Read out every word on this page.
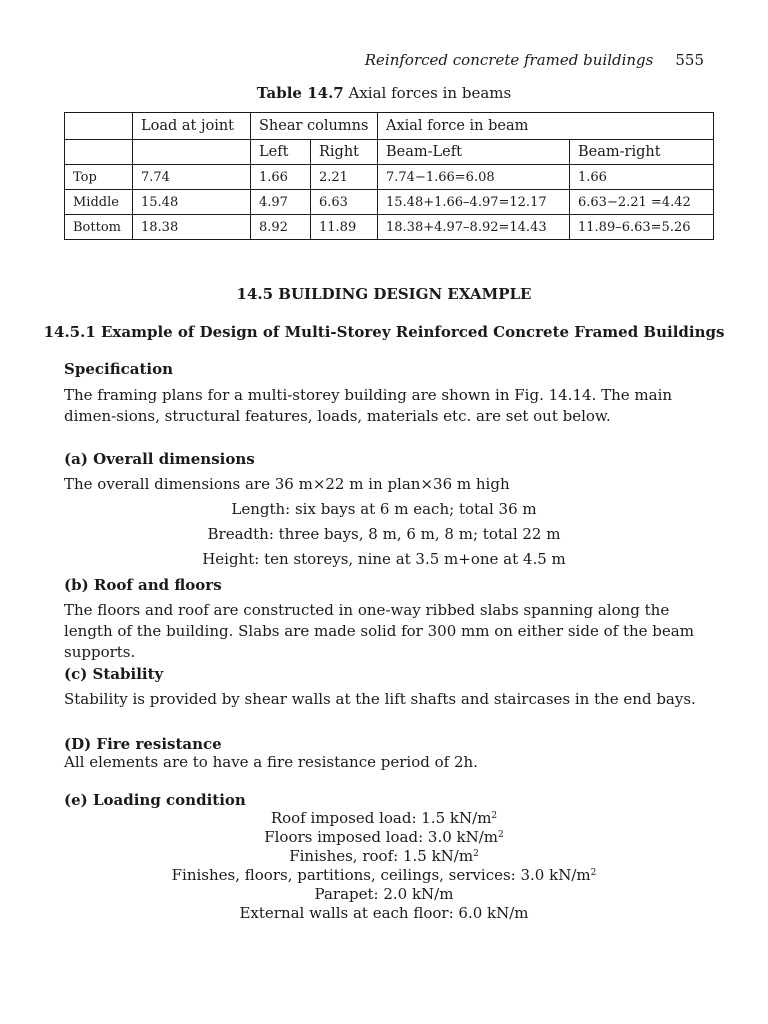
Reinforced concrete framed buildings 555
Table 14.7 Axial forces in beams
	Load at joint	Shear columns		Axial force in beam	
		Left	Right	Beam-Left	Beam-right
Top	7.74	1.66	2.21	7.74−1.66=6.08	1.66
Middle	15.48	4.97	6.63	15.48+1.66–4.97=12.17	6.63−2.21 =4.42
Bottom	18.38	8.92	11.89	18.38+4.97–8.92=14.43	11.89–6.63=5.26
14.5 BUILDING DESIGN EXAMPLE
14.5.1 Example of Design of Multi-Storey Reinforced Concrete Framed Buildings
Specification
The framing plans for a multi-storey building are shown in Fig. 14.14. The main dimen-sions, structural features, loads, materials etc. are set out below.
(a) Overall dimensions
The overall dimensions are 36 m×22 m in plan×36 m high
Length: six bays at 6 m each; total 36 m
Breadth: three bays, 8 m, 6 m, 8 m; total 22 m
Height: ten storeys, nine at 3.5 m+one at 4.5 m
(b) Roof and floors
The floors and roof are constructed in one-way ribbed slabs spanning along the length of the building. Slabs are made solid for 300 mm on either side of the beam supports.
(c) Stability
Stability is provided by shear walls at the lift shafts and staircases in the end bays.
(D) Fire resistance
All elements are to have a fire resistance period of 2h.
(e) Loading condition
Roof imposed load: 1.5 $kN/m^2$
Floors imposed load: 3.0 $kN/m^2$
Finishes, roof: 1.5 $kN/m^2$
Finishes, floors, partitions, ceilings, services: 3.0 $kN/m^2$
Parapet: 2.0 kN/m
External walls at each floor: 6.0 kN/m
